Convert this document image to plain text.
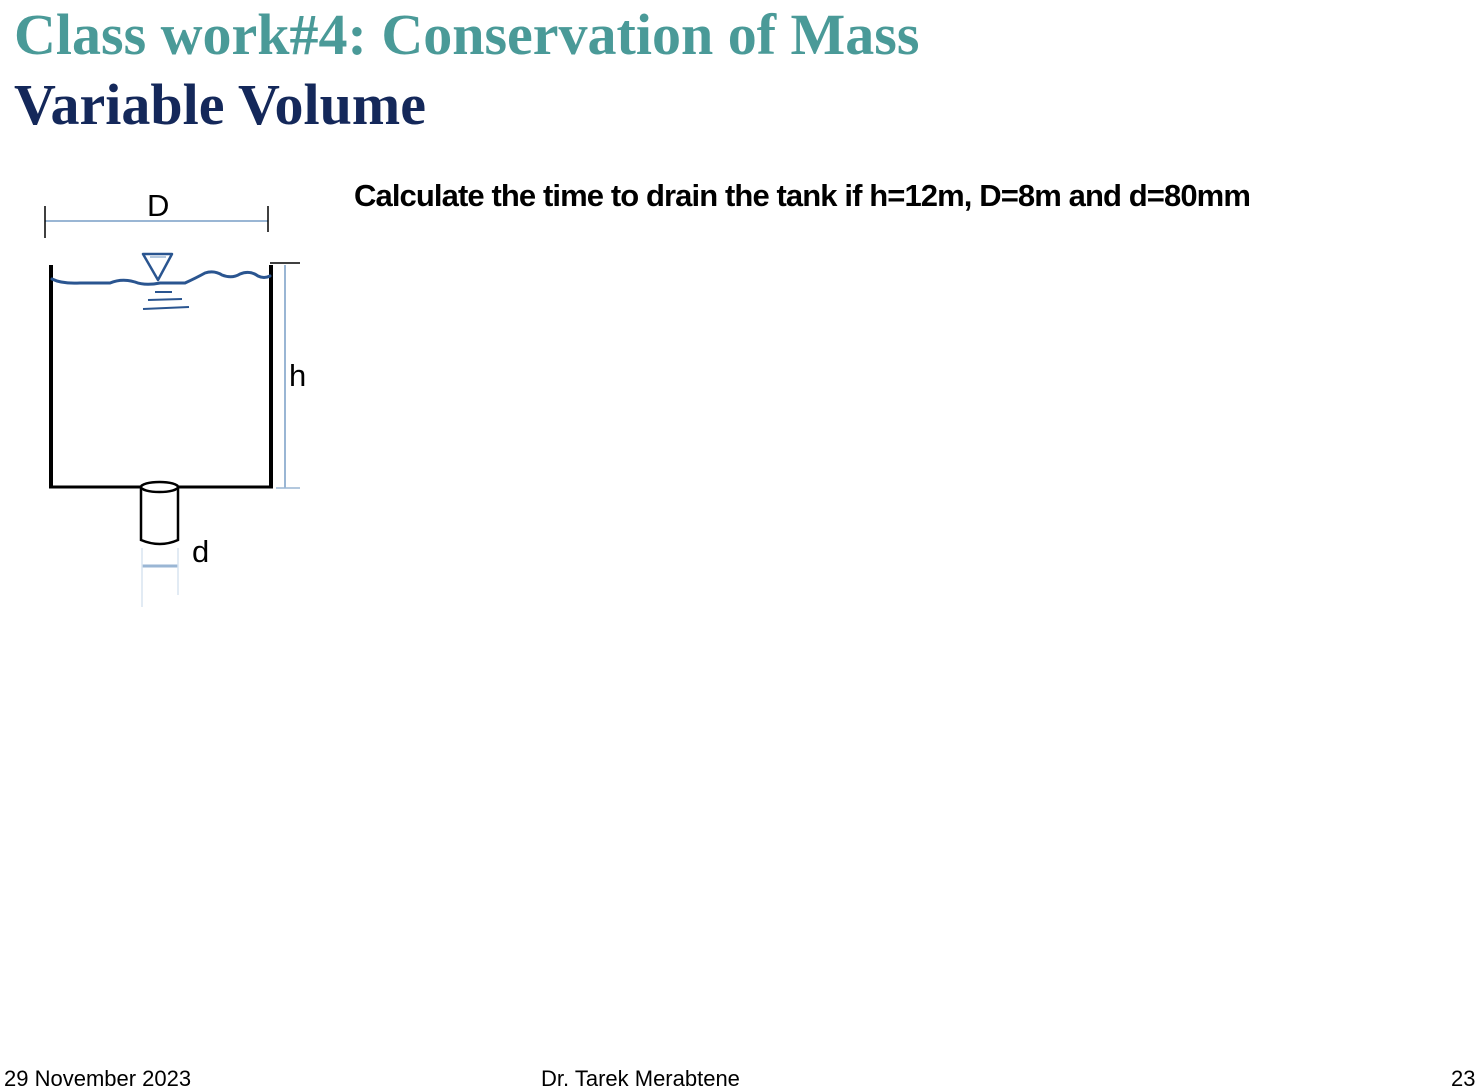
Class work#4: Conservation of Mass
Variable Volume
Calculate the time to drain the tank if h=12m, D=8m and d=80mm
D
h
d
29 November 2023	Dr. Tarek Merabtene	23
